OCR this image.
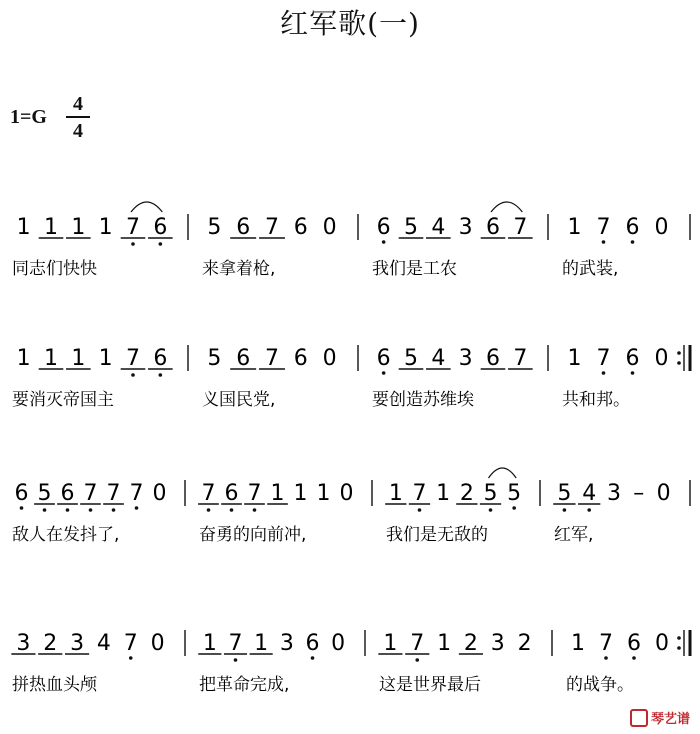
红军歌(一)
1=G
4
4
1 1 1 1 7 6
同志们快快
5 6 7 6 0
来拿着枪,
6 5 4 3 6 7
我们是工农
1 7 6 0
的武装,
1 1 1 1 7 6
要消灭帝国主
5 6 7 6 0
义国民党,
6 5 4 3 6 7
要创造苏维埃
1 7 6 0
共和邦。
6 5 6 7 7 7 0
敌人在发抖了,
7 6 7 1 1 1 0
奋勇的向前冲,
1 7 1 2 5 5
我们是无敌的
5 4 3 – 0
红军,
3 2 3 4 7 0
拼热血头颅
1 7 1 3 6 0
把革命完成,
1 7 1 2 3 2
这是世界最后
1 7 6 0
的战争。
琴艺谱
